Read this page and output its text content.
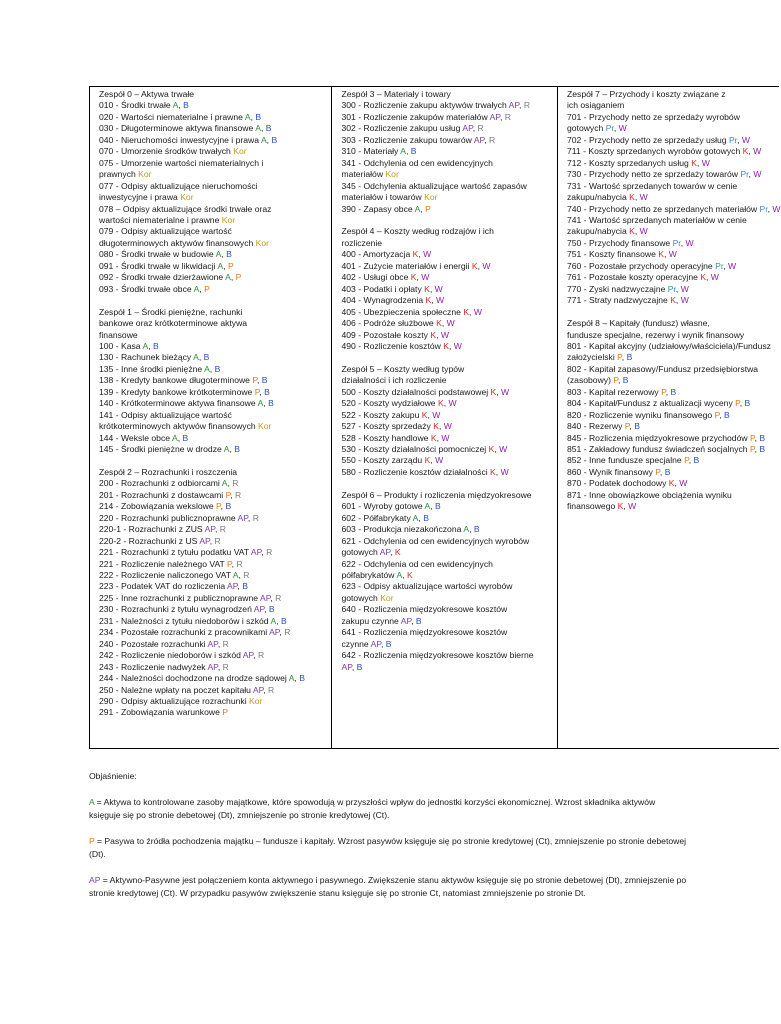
Zespół 0 – Aktywa trwałe
010 - Środki trwałe A, B
020 - Wartości niematerialne i prawne A, B
030 - Długoterminowe aktywa finansowe A, B
040 - Nieruchomości inwestycyjne i prawa A, B
070 - Umorzenie środków trwałych Kor
075 - Umorzenie wartości niematerialnych i
prawnych Kor
077 - Odpisy aktualizujące nieruchomości
inwestycyjne i prawa Kor
078 – Odpisy aktualizujące środki trwałe oraz
wartości niematerialne i prawne Kor
079 - Odpisy aktualizujące wartość
długoterminowych aktywów finansowych Kor
080 - Środki trwałe w budowie A, B
091 - Środki trwałe w likwidacji A, P
092 - Środki trwałe dzierżawione A, P
093 - Środki trwałe obce A, P
Zespół 1 – Środki pieniężne, rachunki
bankowe oraz krótkoterminowe aktywa
finansowe
100 - Kasa A, B
130 - Rachunek bieżący A, B
135 - Inne środki pieniężne A, B
138 - Kredyty bankowe długoterminowe P, B
139 - Kredyty bankowe krótkoterminowe P, B
140 - Krótkoterminowe aktywa finansowe A, B
141 - Odpisy aktualizujące wartość
krótkoterminowych aktywów finansowych Kor
144 - Weksle obce A, B
145 - Środki pieniężne w drodze A, B
Zespół 2 – Rozrachunki i roszczenia
200 - Rozrachunki z odbiorcami A, R
201 - Rozrachunki z dostawcami P, R
214 - Zobowiązania wekslowe P, B
220 - Rozrachunki publicznoprawne AP, R
220-1 - Rozrachunki z ZUS AP, R
220-2 - Rozrachunki z US AP, R
221 - Rozrachunki z tytułu podatku VAT AP, R
221 - Rozliczenie należnego VAT P, R
222 - Rozliczenie naliczonego VAT A, R
223 - Podatek VAT do rozliczenia AP, B
225 - Inne rozrachunki z publicznoprawne AP, R
230 - Rozrachunki z tytułu wynagrodzeń AP, B
231 - Należności z tytułu niedoborów i szkód A, B
234 - Pozostałe rozrachunki z pracownikami AP, R
240 - Pozostałe rozrachunki AP, R
242 - Rozliczenie niedoborów i szkód AP, R
243 - Rozliczenie nadwyżek AP, R
244 - Należności dochodzone na drodze sądowej A, B
250 - Należne wpłaty na poczet kapitału AP, R
290 - Odpisy aktualizujące rozrachunki Kor
291 - Zobowiązania warunkowe P
Zespół 3 – Materiały i towary
300 - Rozliczenie zakupu aktywów trwałych AP, R
301 - Rozliczenie zakupów materiałów AP, R
302 - Rozliczenie zakupu usług AP, R
303 - Rozliczenie zakupu towarów AP, R
310 - Materiały A, B
341 - Odchylenia od cen ewidencyjnych
materiałów Kor
345 - Odchylenia aktualizujące wartość zapasów
materiałów i towarów Kor
390 - Zapasy obce A, P
Zespół 4 – Koszty według rodzajów i ich
rozliczenie
400 - Amortyzacja K, W
401 - Zużycie materiałów i energii K, W
402 - Usługi obce K, W
403 - Podatki i opłaty K, W
404 - Wynagrodzenia K, W
405 - Ubezpieczenia społeczne K, W
406 - Podróże służbowe K, W
409 - Pozostałe koszty K, W
490 - Rozliczenie kosztów K, W
Zespół 5 – Koszty według typów
działalności i ich rozliczenie
500 - Koszty działalności podstawowej K, W
520 - Koszty wydziałowe K, W
522 - Koszty zakupu K, W
527 - Koszty sprzedaży K, W
528 - Koszty handlowe K, W
530 - Koszty działalności pomocniczej K, W
550 - Koszty zarządu K, W
580 - Rozliczenie kosztów działalności K, W
Zespół 6 – Produkty i rozliczenia międzyokresowe
601 - Wyroby gotowe A, B
602 - Półfabrykaty A, B
603 - Produkcja niezakończona A, B
621 - Odchylenia od cen ewidencyjnych wyrobów
gotowych AP, K
622 - Odchylenia od cen ewidencyjnych
półfabrykatów A, K
623 - Odpisy aktualizujące wartości wyrobów
gotowych Kor
640 - Rozliczenia międzyokresowe kosztów
zakupu czynne AP, B
641 - Rozliczenia międzyokresowe kosztów
czynne AP, B
642 - Rozliczenia międzyokresowe kosztów bierne
AP, B
Zespół 7 – Przychody i koszty związane z
ich osiąganiem
701 - Przychody netto ze sprzedaży wyrobów
gotowych Pr, W
702 - Przychody netto ze sprzedaży usług Pr, W
711 - Koszty sprzedanych wyrobów gotowych K, W
712 - Koszty sprzedanych usług K, W
730 - Przychody netto ze sprzedaży towarów Pr, W
731 - Wartość sprzedanych towarów w cenie
zakupu/nabycia K, W
740 - Przychody netto ze sprzedanych materiałów Pr, W
741 - Wartość sprzedanych materiałów w cenie
zakupu/nabycia K, W
750 - Przychody finansowe Pr, W
751 - Koszty finansowe K, W
760 - Pozostałe przychody operacyjne Pr, W
761 - Pozostałe koszty operacyjne K, W
770 - Zyski nadzwyczajne Pr, W
771 - Straty nadzwyczajne K, W
Zespół 8 – Kapitały (fundusz) własne,
fundusze specjalne, rezerwy i wynik finansowy
801 - Kapitał akcyjny (udziałowy/właściciela)/Fundusz
założycielski P, B
802 - Kapitał zapasowy/Fundusz przedsiębiorstwa
(zasobowy) P, B
803 - Kapitał rezerwowy P, B
804 - Kapitał/Fundusz z aktualizacji wyceny P, B
820 - Rozliczenie wyniku finansowego P, B
840 - Rezerwy P, B
845 - Rozliczenia międzyokresowe przychodów P, B
851 - Zakładowy fundusz świadczeń socjalnych P, B
852 - Inne fundusze specjalne P, B
860 - Wynik finansowy P, B
870 - Podatek dochodowy K, W
871 - Inne obowiązkowe obciążenia wyniku
finansowego K, W

Objaśnienie:

A = Aktywa to kontrolowane zasoby majątkowe, które spowodują w przyszłości wpływ do jednostki korzyści ekonomicznej. Wzrost składnika aktywów księguje się po stronie debetowej (Dt), zmniejszenie po stronie kredytowej (Ct).

P = Pasywa to źródła pochodzenia majątku – fundusze i kapitały. Wzrost pasywów księguje się po stronie kredytowej (Ct), zmniejszenie po stronie debetowej (Dt).

AP = Aktywno-Pasywne jest połączeniem konta aktywnego i pasywnego. Zwiększenie stanu aktywów księguje się po stronie debetowej (Dt), zmniejszenie po stronie kredytowej (Ct). W przypadku pasywów zwiększenie stanu księguje się po stronie Ct, natomiast zmniejszenie po stronie Dt.
